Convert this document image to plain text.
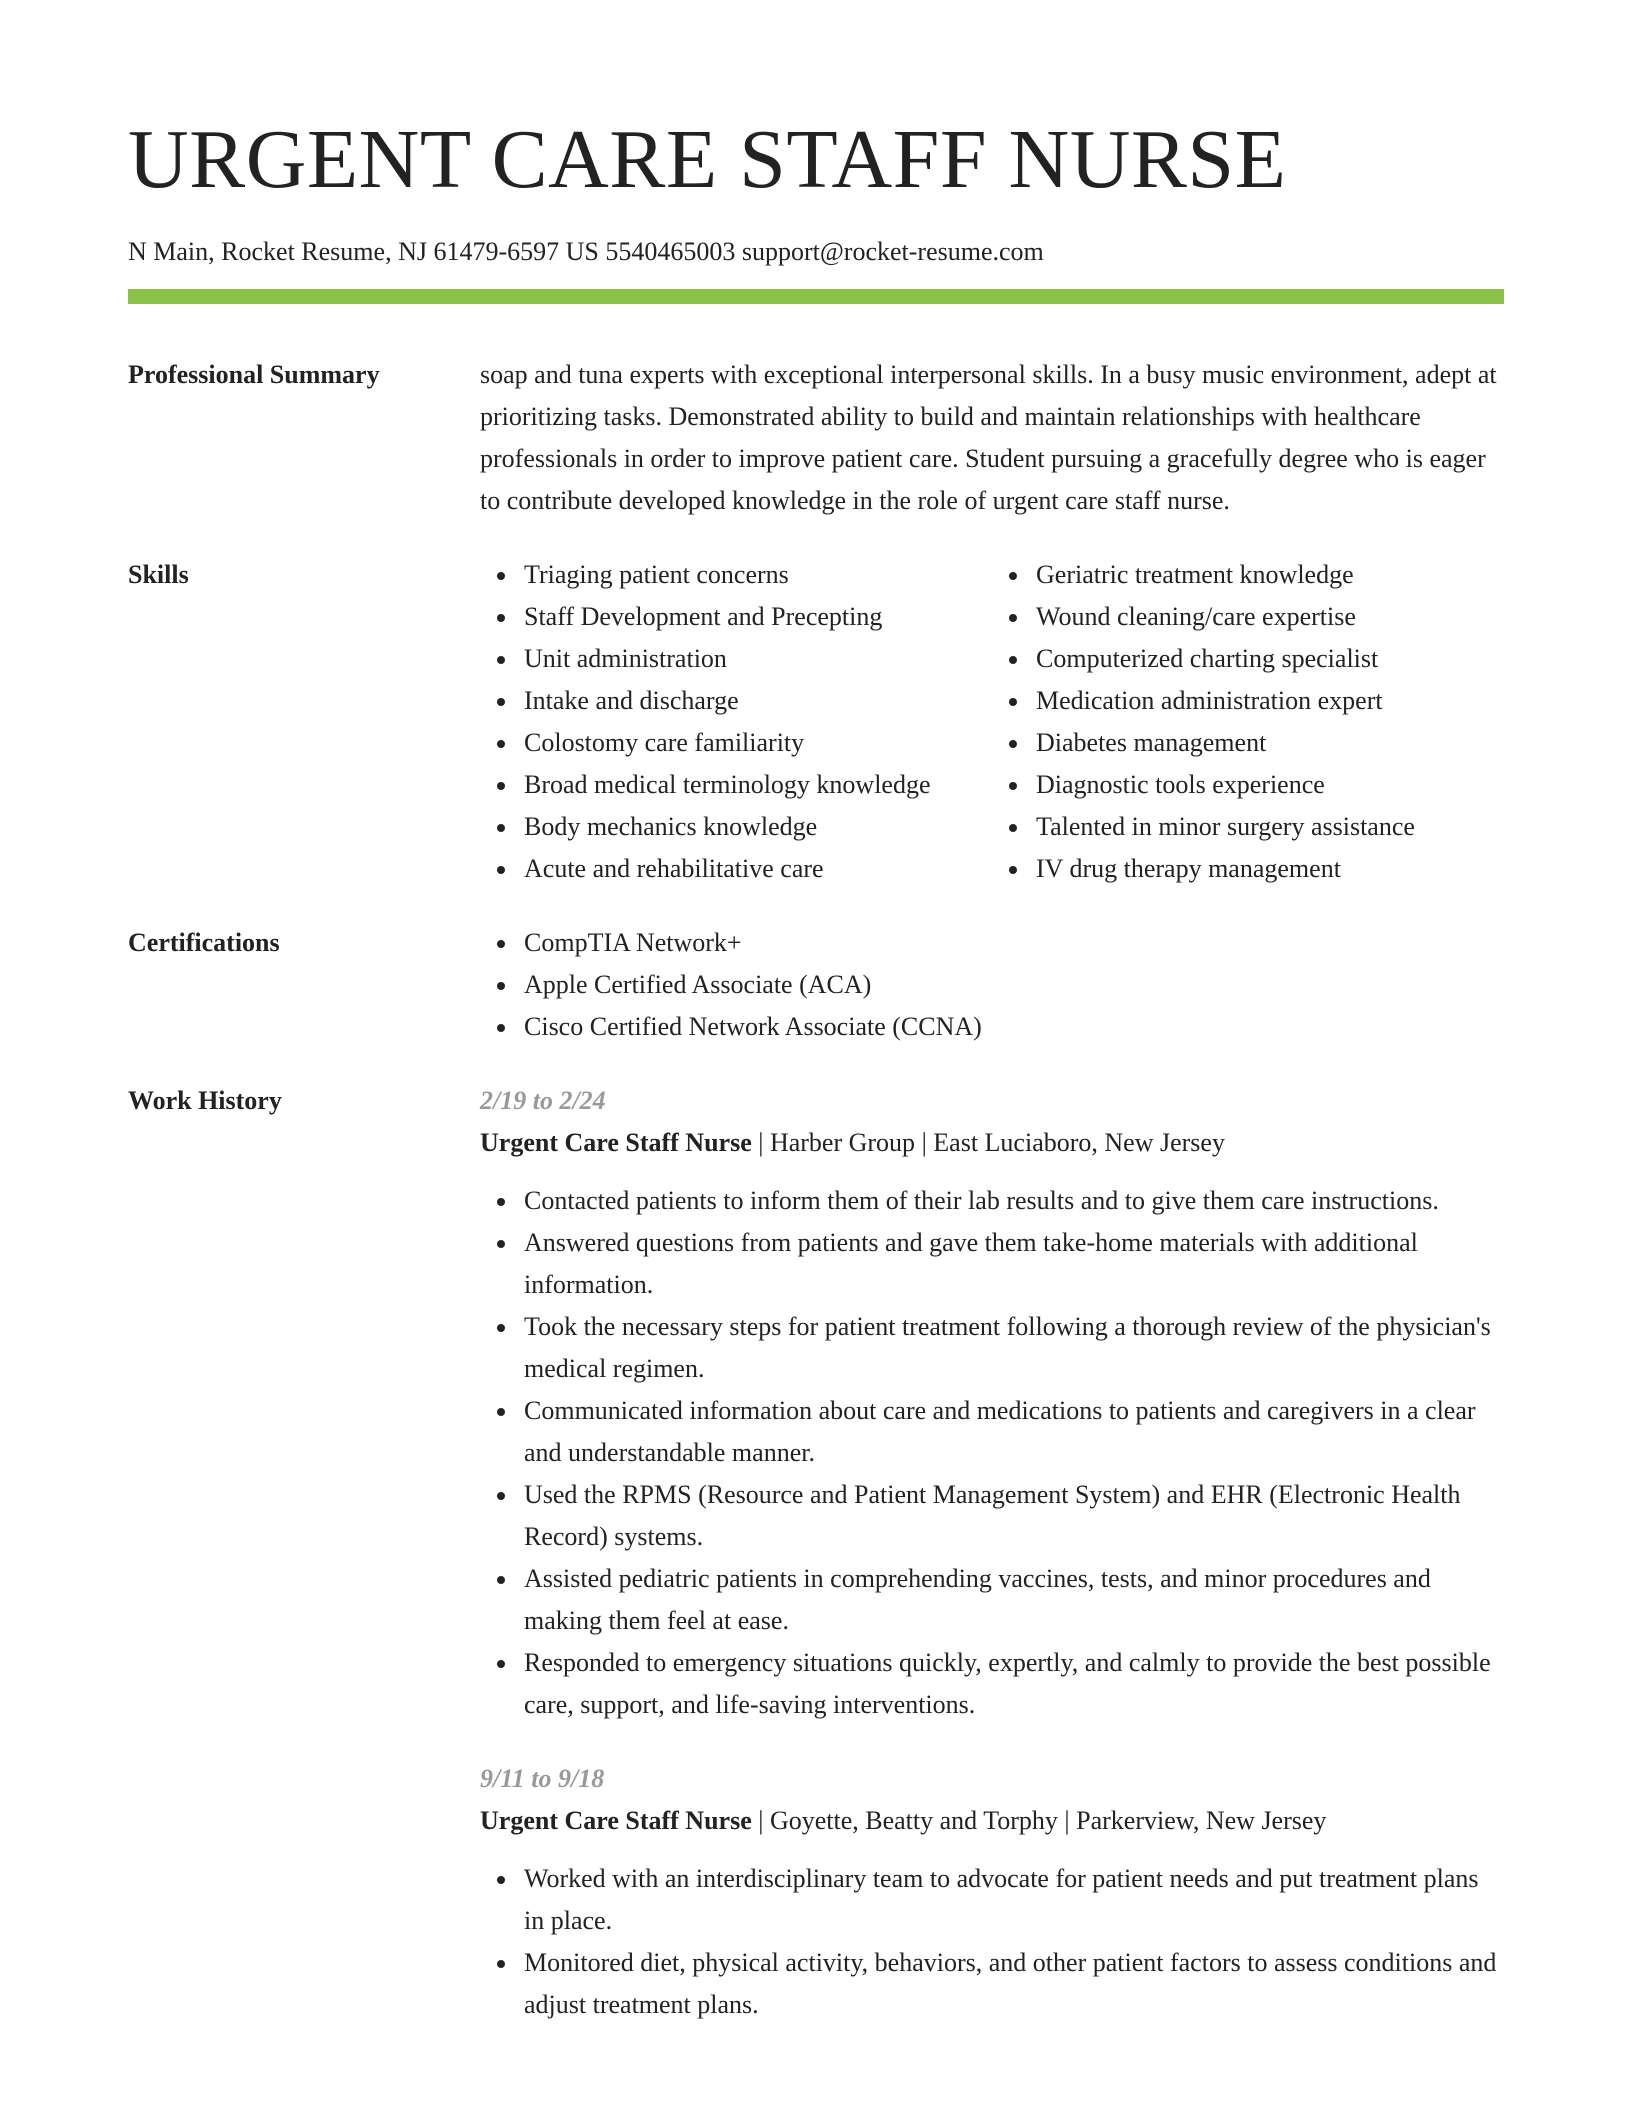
URGENT CARE STAFF NURSE
N Main, Rocket Resume, NJ 61479-6597 US 5540465003 support@rocket-resume.com
Professional Summary	soap and tuna experts with exceptional interpersonal skills. In a busy music environment, adept at prioritizing tasks. Demonstrated ability to build and maintain relationships with healthcare professionals in order to improve patient care. Student pursuing a gracefully degree who is eager to contribute developed knowledge in the role of urgent care staff nurse.
Skills	Triaging patient concerns
Staff Development and Precepting
Unit administration
Intake and discharge
Colostomy care familiarity
Broad medical terminology knowledge
Body mechanics knowledge
Acute and rehabilitative care
Geriatric treatment knowledge
Wound cleaning/care expertise
Computerized charting specialist
Medication administration expert
Diabetes management
Diagnostic tools experience
Talented in minor surgery assistance
IV drug therapy management
Certifications	CompTIA Network+
Apple Certified Associate (ACA)
Cisco Certified Network Associate (CCNA)
Work History	2/19 to 2/24
Urgent Care Staff Nurse | Harber Group | East Luciaboro, New Jersey
Contacted patients to inform them of their lab results and to give them care instructions.
Answered questions from patients and gave them take-home materials with additional information.
Took the necessary steps for patient treatment following a thorough review of the physician's medical regimen.
Communicated information about care and medications to patients and caregivers in a clear and understandable manner.
Used the RPMS (Resource and Patient Management System) and EHR (Electronic Health Record) systems.
Assisted pediatric patients in comprehending vaccines, tests, and minor procedures and making them feel at ease.
Responded to emergency situations quickly, expertly, and calmly to provide the best possible care, support, and life-saving interventions.
9/11 to 9/18
Urgent Care Staff Nurse | Goyette, Beatty and Torphy | Parkerview, New Jersey
Worked with an interdisciplinary team to advocate for patient needs and put treatment plans in place.
Monitored diet, physical activity, behaviors, and other patient factors to assess conditions and adjust treatment plans.
